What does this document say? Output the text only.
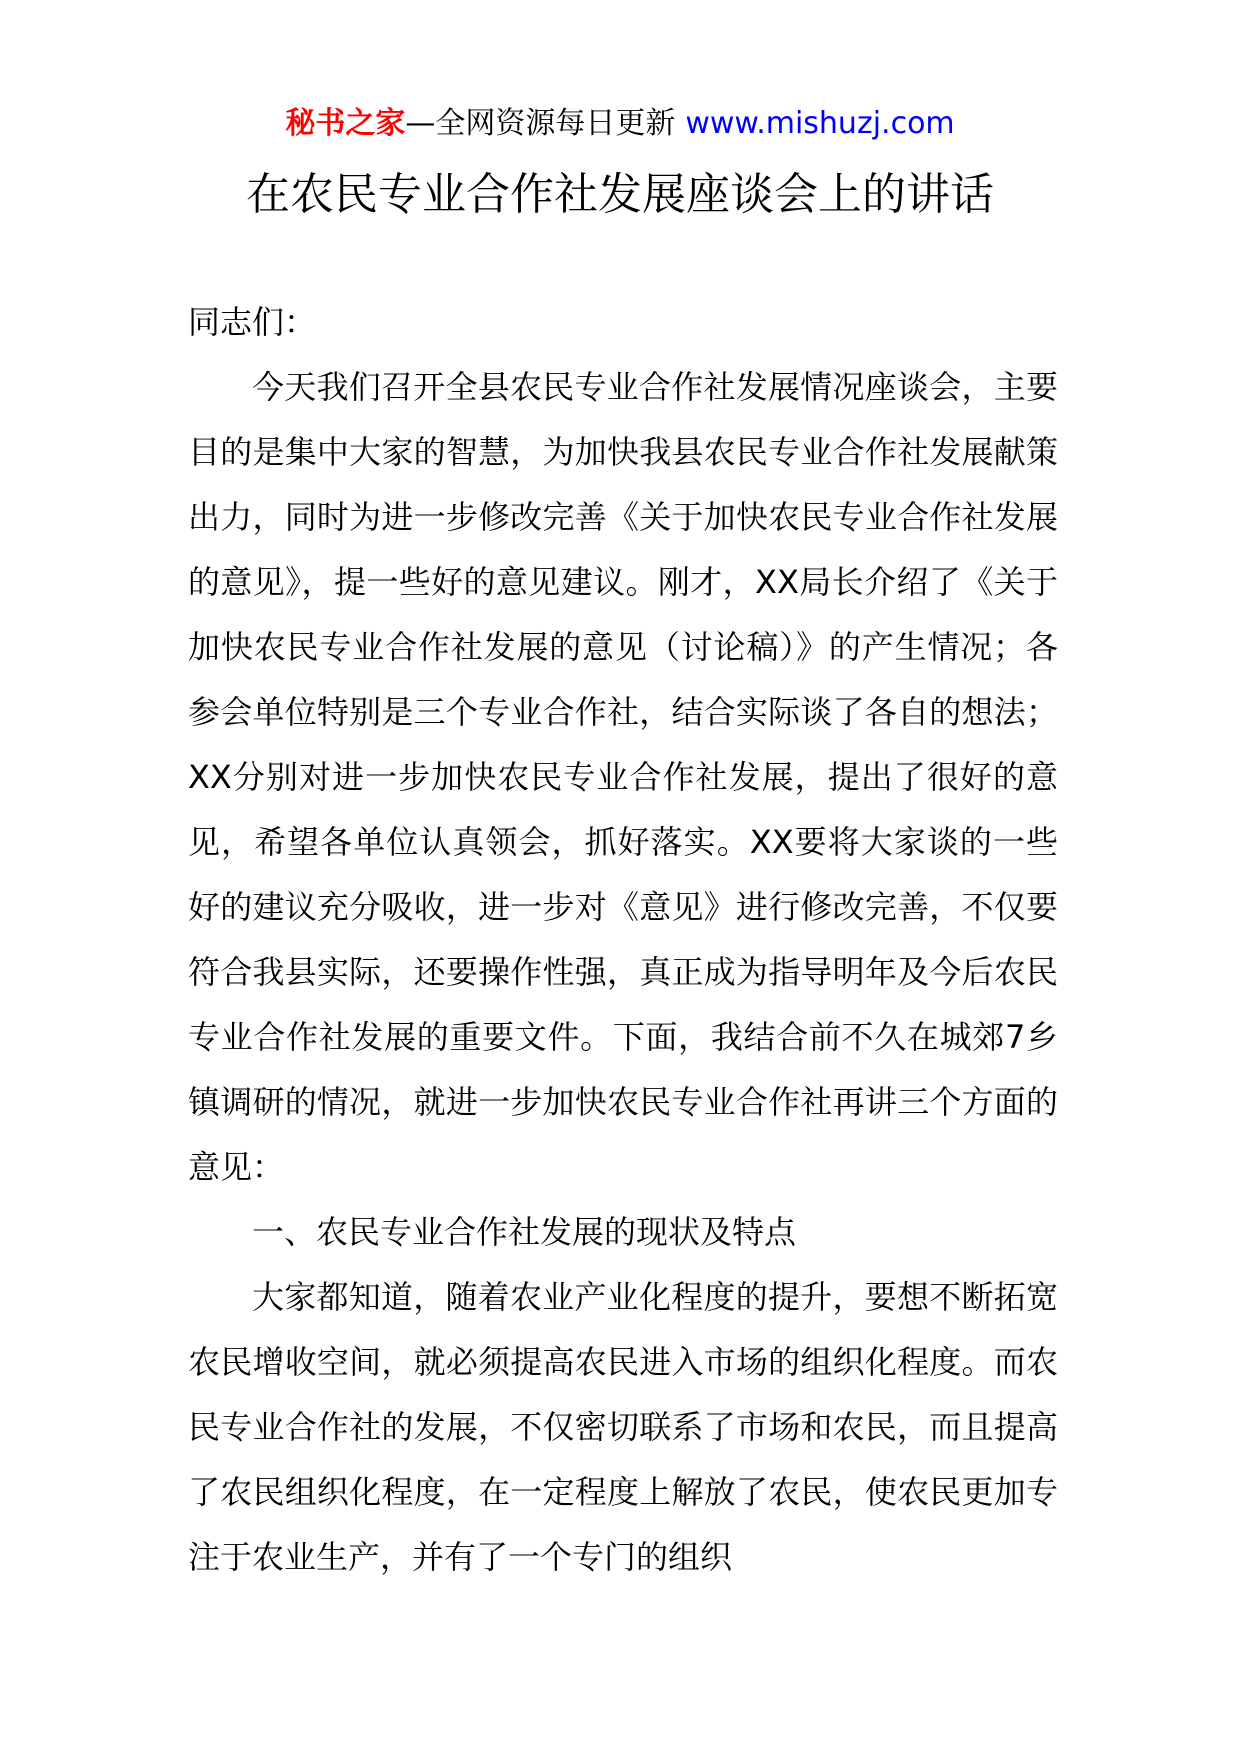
秘书之家—全网资源每日更新 www.mishuzj.com
在农民专业合作社发展座谈会上的讲话

同志们：

今天我们召开全县农民专业合作社发展情况座谈会，主要目的是集中大家的智慧，为加快我县农民专业合作社发展献策出力，同时为进一步修改完善《关于加快农民专业合作社发展的意见》，提一些好的意见建议。刚才，XX局长介绍了《关于加快农民专业合作社发展的意见（讨论稿）》的产生情况；各参会单位特别是三个专业合作社，结合实际谈了各自的想法；XX分别对进一步加快农民专业合作社发展，提出了很好的意见，希望各单位认真领会，抓好落实。XX要将大家谈的一些好的建议充分吸收，进一步对《意见》进行修改完善，不仅要符合我县实际，还要操作性强，真正成为指导明年及今后农民专业合作社发展的重要文件。下面，我结合前不久在城郊7乡镇调研的情况，就进一步加快农民专业合作社再讲三个方面的意见：

一、农民专业合作社发展的现状及特点

大家都知道，随着农业产业化程度的提升，要想不断拓宽农民增收空间，就必须提高农民进入市场的组织化程度。而农民专业合作社的发展，不仅密切联系了市场和农民，而且提高了农民组织化程度，在一定程度上解放了农民，使农民更加专注于农业生产，并有了一个专门的组织
